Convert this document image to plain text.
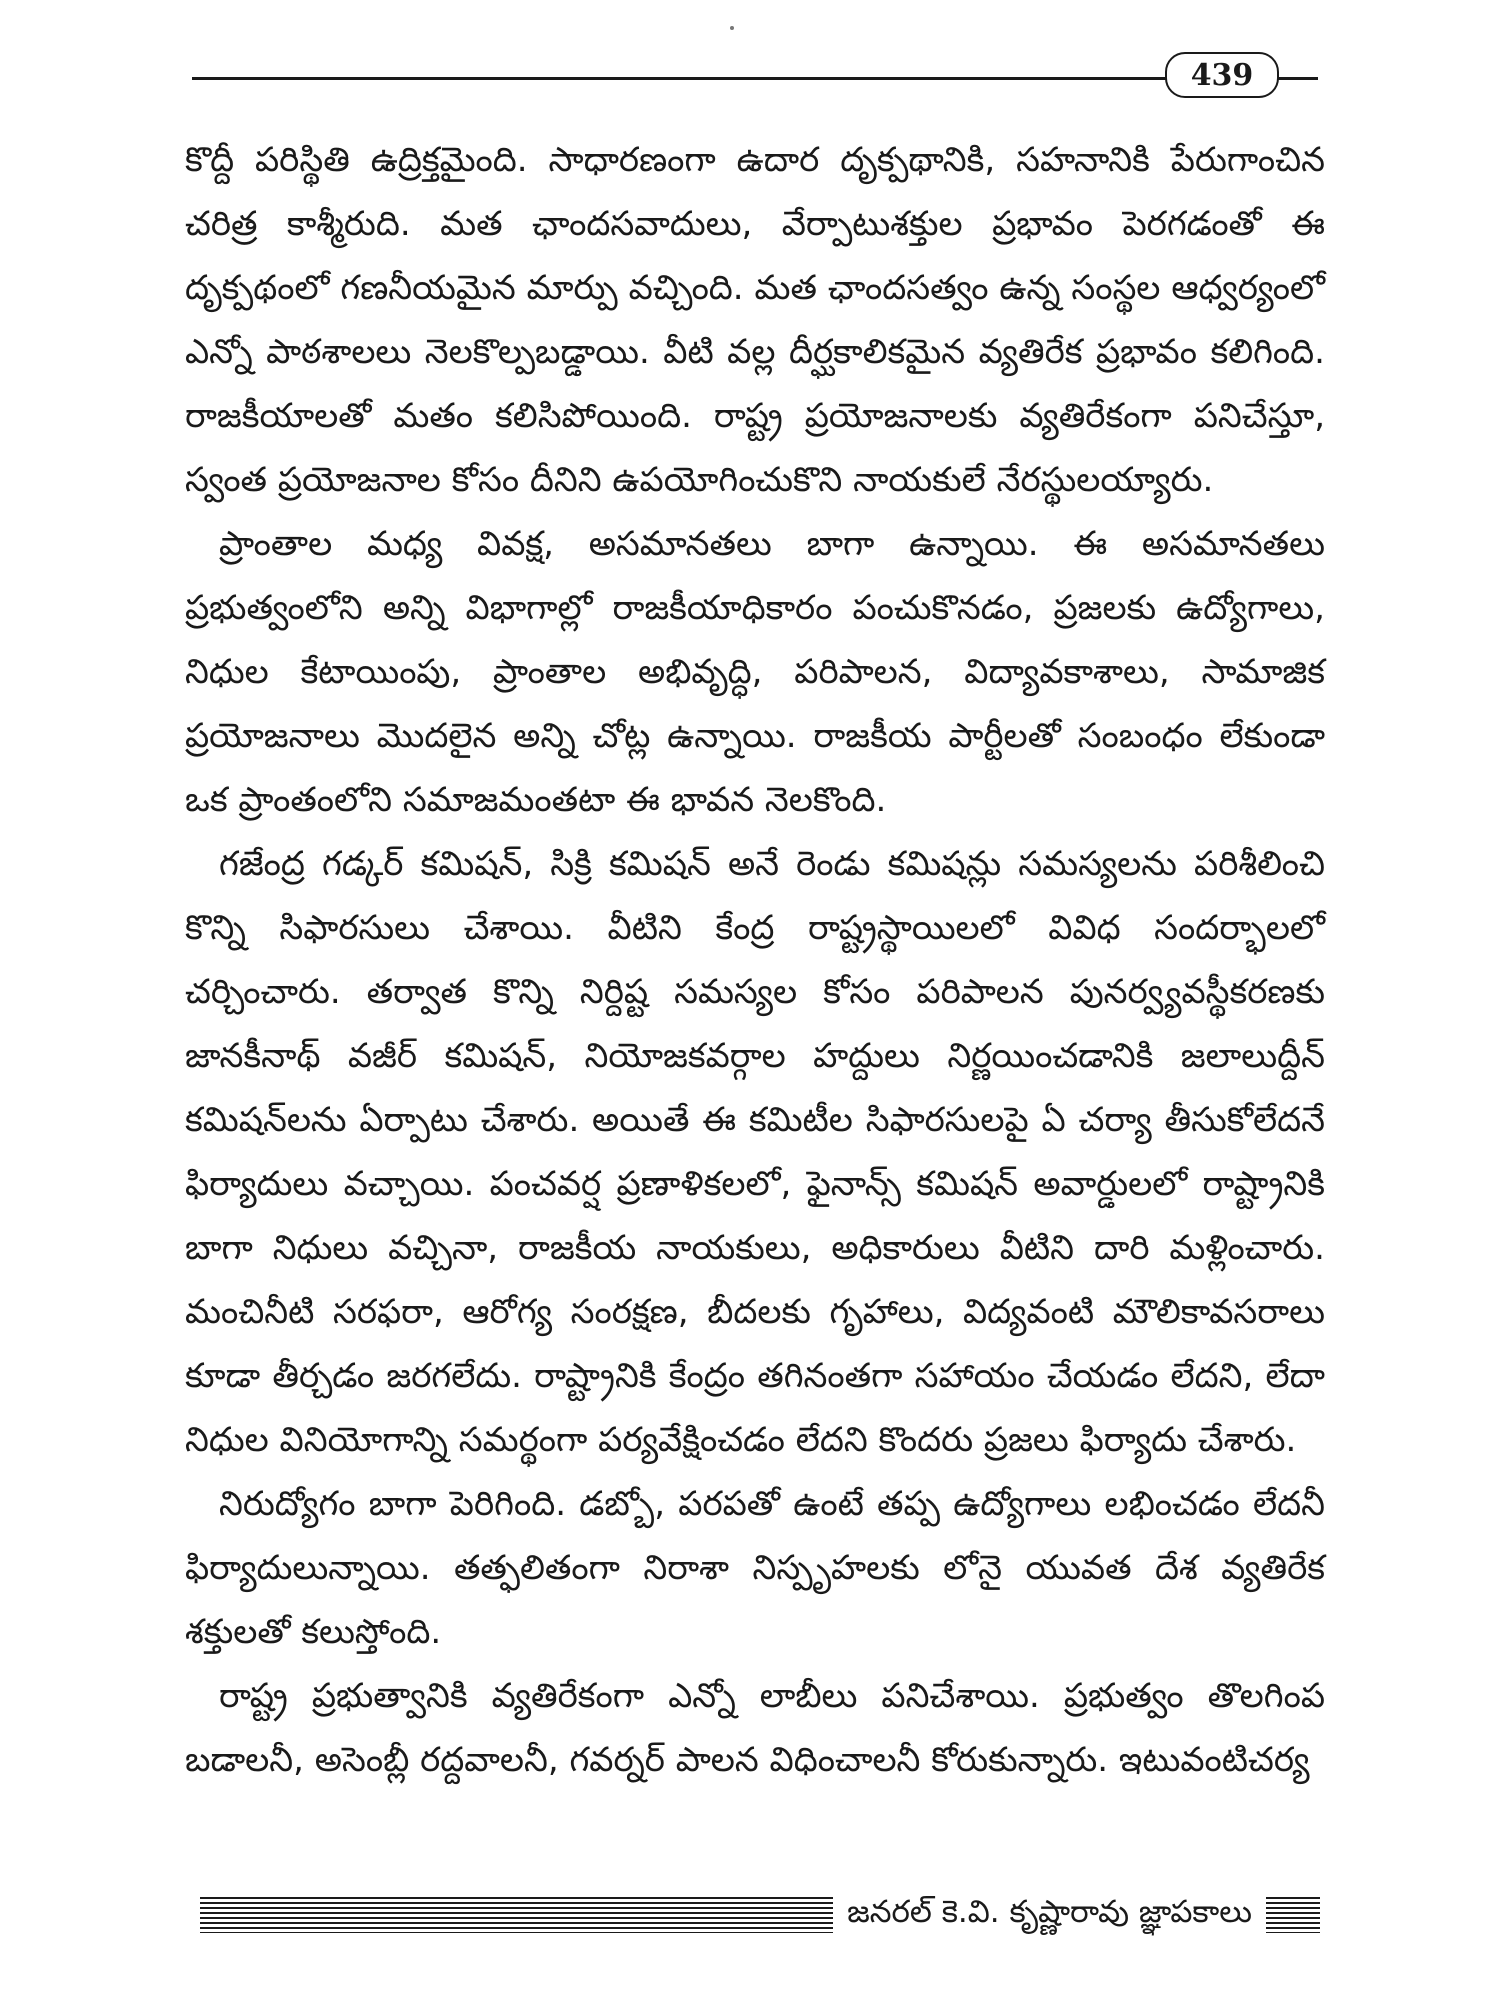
439

కొద్దీ పరిస్థితి ఉద్రిక్తమైంది. సాధారణంగా ఉదార దృక్పథానికి, సహనానికి పేరుగాంచిన చరిత్ర కాశ్మీరుది. మత ఛాందసవాదులు, వేర్పాటుశక్తుల ప్రభావం పెరగడంతో ఈ దృక్పథంలో గణనీయమైన మార్పు వచ్చింది. మత ఛాందసత్వం ఉన్న సంస్థల ఆధ్వర్యంలో ఎన్నో పాఠశాలలు నెలకొల్పబడ్డాయి. వీటి వల్ల దీర్ఘకాలికమైన వ్యతిరేక ప్రభావం కలిగింది. రాజకీయాలతో మతం కలిసిపోయింది. రాష్ట్ర ప్రయోజనాలకు వ్యతిరేకంగా పనిచేస్తూ, స్వంత ప్రయోజనాల కోసం దీనిని ఉపయోగించుకొని నాయకులే నేరస్థులయ్యారు.

ప్రాంతాల మధ్య వివక్ష, అసమానతలు బాగా ఉన్నాయి. ఈ అసమానతలు ప్రభుత్వంలోని అన్ని విభాగాల్లో రాజకీయాధికారం పంచుకొనడం, ప్రజలకు ఉద్యోగాలు, నిధుల కేటాయింపు, ప్రాంతాల అభివృద్ధి, పరిపాలన, విద్యావకాశాలు, సామాజిక ప్రయోజనాలు మొదలైన అన్ని చోట్ల ఉన్నాయి. రాజకీయ పార్టీలతో సంబంధం లేకుండా ఒక ప్రాంతంలోని సమాజమంతటా ఈ భావన నెలకొంది.

గజేంద్ర గడ్కర్ కమిషన్, సిక్రి కమిషన్ అనే రెండు కమిషన్లు సమస్యలను పరిశీలించి కొన్ని సిఫారసులు చేశాయి. వీటిని కేంద్ర రాష్ట్రస్థాయిలలో వివిధ సందర్భాలలో చర్చించారు. తర్వాత కొన్ని నిర్దిష్ట సమస్యల కోసం పరిపాలన పునర్వ్యవస్థీకరణకు జానకీనాథ్ వజీర్ కమిషన్, నియోజకవర్గాల హద్దులు నిర్ణయించడానికి జలాలుద్దీన్ కమిషన్‌లను ఏర్పాటు చేశారు. అయితే ఈ కమిటీల సిఫారసులపై ఏ చర్యా తీసుకోలేదనే ఫిర్యాదులు వచ్చాయి. పంచవర్ష ప్రణాళికలలో, ఫైనాన్స్ కమిషన్ అవార్డులలో రాష్ట్రానికి బాగా నిధులు వచ్చినా, రాజకీయ నాయకులు, అధికారులు వీటిని దారి మళ్లించారు. మంచినీటి సరఫరా, ఆరోగ్య సంరక్షణ, బీదలకు గృహాలు, విద్యవంటి మౌలికావసరాలు కూడా తీర్చడం జరగలేదు. రాష్ట్రానికి కేంద్రం తగినంతగా సహాయం చేయడం లేదని, లేదా నిధుల వినియోగాన్ని సమర్థంగా పర్యవేక్షించడం లేదని కొందరు ప్రజలు ఫిర్యాదు చేశారు.

నిరుద్యోగం బాగా పెరిగింది. డబ్బో, పరపతో ఉంటే తప్ప ఉద్యోగాలు లభించడం లేదనీ ఫిర్యాదులున్నాయి. తత్ఫలితంగా నిరాశా నిస్పృహలకు లోనై యువత దేశ వ్యతిరేక శక్తులతో కలుస్తోంది.

రాష్ట్ర ప్రభుత్వానికి వ్యతిరేకంగా ఎన్నో లాబీలు పనిచేశాయి. ప్రభుత్వం తొలగింప బడాలనీ, అసెంబ్లీ రద్దవాలనీ, గవర్నర్ పాలన విధించాలనీ కోరుకున్నారు. ఇటువంటిచర్య

జనరల్ కె.వి. కృష్ణారావు జ్ఞాపకాలు
